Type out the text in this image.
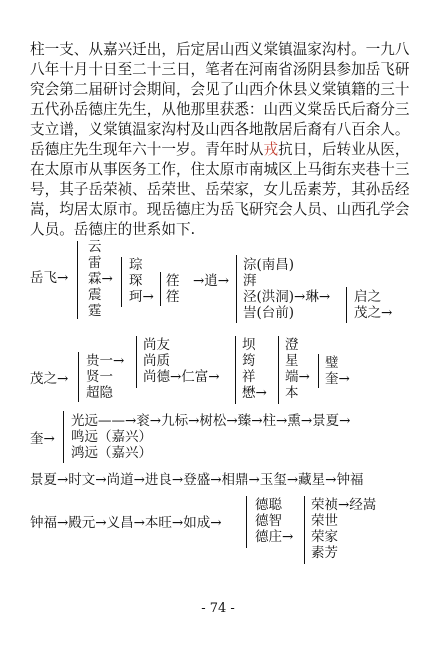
柱一支、从嘉兴迁出，后定居山西义棠镇温家沟村。一九八
八年十月十日至二十三日，笔者在河南省汤阴县参加岳飞研
究会第二届研讨会期间，会见了山西介休县义棠镇籍的三十
五代孙岳德庄先生，从他那里获悉：山西义棠岳氏后裔分三
支立谱，义棠镇温家沟村及山西各地散居后裔有八百余人。
岳德庄先生现年六十一岁。青年时从戎抗日，后转业从医，
在太原市从事医务工作，住太原市南城区上马街东夹巷十三
号，其子岳荣祯、岳荣世、岳荣家，女儿岳素芳，其孙岳经
嵩，均居太原市。现岳德庄为岳飞研究会人员、山西孔学会
人员。岳德庄的世系如下.
岳飞→
云
雷
霖→
震
霆
琮
琛
珂→
䇮
䇮
→逍→
淙(南昌)
湃
泾(洪洞)→琳→
訔(台前)
启之
茂之→
茂之→
贵一→
贤一
超隐
尚友
尚质
尚德→仁富→
坝
筠
祥
懋→
澄
星
端→
本
璧
奎→
奎→
光远——→衮→九标→树松→臻→柱→熏→景夏→
鸣远（嘉兴）
鸿远（嘉兴）
景夏→时文→尚道→进良→登盛→相鼎→玉玺→藏星→钟福
钟福→殿元→义昌→本旺→如成→
德聪
德智
德庄→
荣祯→经嵩
荣世
荣家
素芳
- 74 -
